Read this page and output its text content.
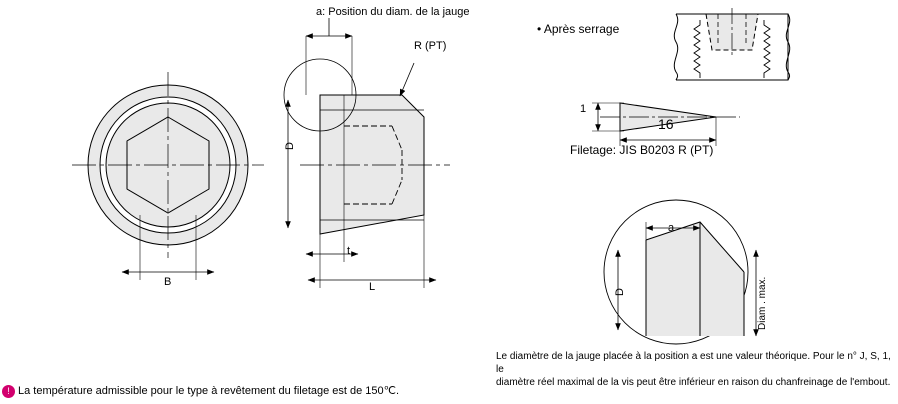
a: Position du diam. de la jauge
R (PT)
D
B
t
L
• Après serrage
1
16
Filetage: JIS B0203 R (PT)
a
D	Diam . max.
Le diamètre de la jauge placée à la position a est une valeur théorique. Pour le n° J, S, 1, le
diamètre réel maximal de la vis peut être inférieur en raison du chanfreinage de l'embout.
! La température admissible pour le type à revêtement du filetage est de 150℃.
